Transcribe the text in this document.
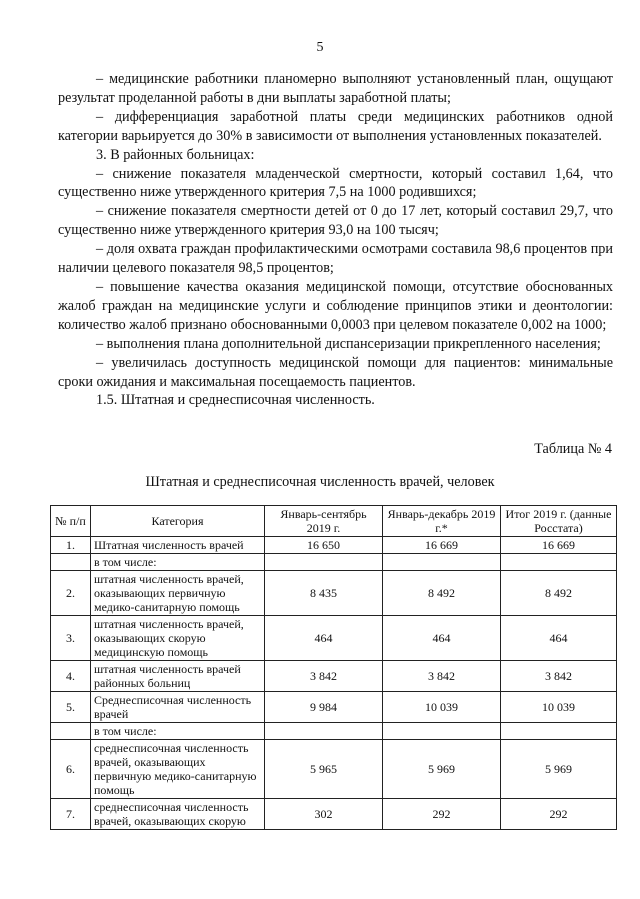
5

– медицинские работники планомерно выполняют установленный план, ощущают результат проделанной работы в дни выплаты заработной платы;

– дифференциация заработной платы среди медицинских работников одной категории варьируется до 30% в зависимости от выполнения установленных показателей.

3. В районных больницах:

– снижение показателя младенческой смертности, который составил 1,64, что существенно ниже утвержденного критерия 7,5 на 1000 родившихся;

– снижение показателя смертности детей от 0 до 17 лет, который составил 29,7, что существенно ниже утвержденного критерия 93,0 на 100 тысяч;

– доля охвата граждан профилактическими осмотрами составила 98,6 процентов при наличии целевого показателя 98,5 процентов;

– повышение качества оказания медицинской помощи, отсутствие обоснованных жалоб граждан на медицинские услуги и соблюдение принципов этики и деонтологии: количество жалоб признано обоснованными 0,0003 при целевом показателе 0,002 на 1000;

– выполнения плана дополнительной диспансеризации прикрепленного населения;

– увеличилась доступность медицинской помощи для пациентов: минимальные сроки ожидания и максимальная посещаемость пациентов.

1.5. Штатная и среднесписочная численность.

Таблица № 4
Штатная и среднесписочная численность врачей, человек
№ п/п	Категория	Январь-сентябрь 2019 г.	Январь-декабрь 2019 г.*	Итог 2019 г. (данные Росстата)
1.	Штатная численность врачей	16 650	16 669	16 669
	в том числе:			
2.	штатная численность врачей, оказывающих первичную медико-санитарную помощь	8 435	8 492	8 492
3.	штатная численность врачей, оказывающих скорую медицинскую помощь	464	464	464
4.	штатная численность врачей районных больниц	3 842	3 842	3 842
5.	Среднесписочная численность врачей	9 984	10 039	10 039
	в том числе:			
6.	среднесписочная численность врачей, оказывающих первичную медико-санитарную помощь	5 965	5 969	5 969
7.	среднесписочная численность врачей, оказывающих скорую	302	292	292
